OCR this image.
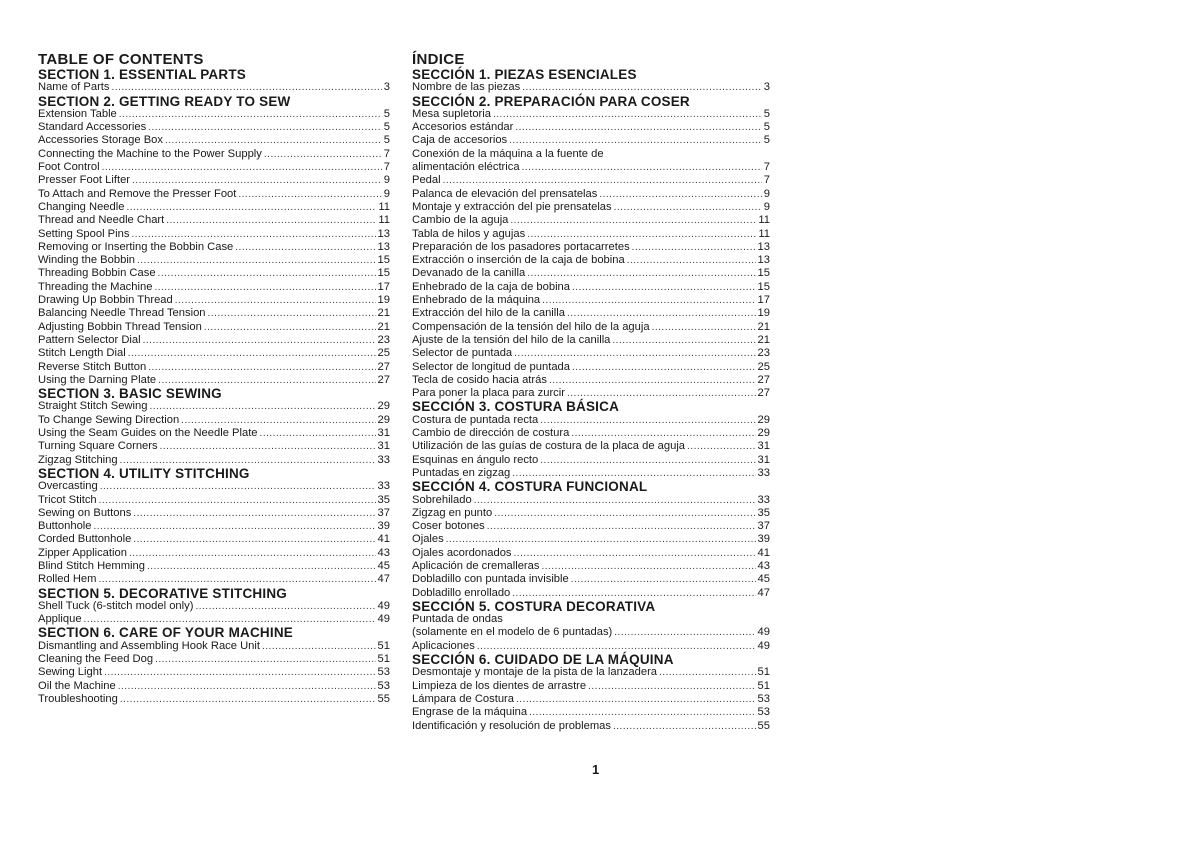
TABLE OF CONTENTS
SECTION 1. ESSENTIAL PARTS
Name of Parts .....	3
SECTION 2. GETTING READY TO SEW
Extension Table .....	5
Standard Accessories .....	5
Accessories Storage Box .....	5
Connecting the Machine to the Power Supply .....	7
Foot Control .....	7
Presser Foot Lifter .....	9
To Attach and Remove the Presser Foot .....	9
Changing Needle .....	11
Thread and Needle Chart .....	11
Setting Spool Pins .....	13
Removing or Inserting the Bobbin Case .....	13
Winding the Bobbin .....	15
Threading Bobbin Case .....	15
Threading the Machine .....	17
Drawing Up Bobbin Thread .....	19
Balancing Needle Thread Tension .....	21
Adjusting Bobbin Thread Tension .....	21
Pattern Selector Dial .....	23
Stitch Length Dial .....	25
Reverse Stitch Button .....	27
Using the Darning Plate .....	27
SECTION 3. BASIC SEWING
Straight Stitch Sewing .....	29
To Change Sewing Direction .....	29
Using the Seam Guides on the Needle Plate .....	31
Turning Square Corners .....	31
Zigzag Stitching .....	33
SECTION 4. UTILITY STITCHING
Overcasting .....	33
Tricot Stitch .....	35
Sewing on Buttons .....	37
Buttonhole .....	39
Corded Buttonhole .....	41
Zipper Application .....	43
Blind Stitch Hemming .....	45
Rolled Hem .....	47
SECTION 5. DECORATIVE STITCHING
Shell Tuck (6-stitch model only) .....	49
Applique .....	49
SECTION 6. CARE OF YOUR MACHINE
Dismantling and Assembling Hook Race Unit .....	51
Cleaning the Feed Dog .....	51
Sewing Light .....	53
Oil the Machine .....	53
Troubleshooting .....	55
ÍNDICE
SECCIÓN 1. PIEZAS ESENCIALES
Nombre de las piezas .....	3
SECCIÓN 2. PREPARACIÓN PARA COSER
Mesa supletoria .....	5
Accesorios estándar .....	5
Caja de accesorios .....	5
Conexión de la máquina a la fuente de
alimentación eléctrica .....	7
Pedal .....	7
Palanca de elevación del prensatelas .....	9
Montaje y extracción del pie prensatelas .....	9
Cambio de la aguja .....	11
Tabla de hilos y agujas .....	11
Preparación de los pasadores portacarretes .....	13
Extracción o inserción de la caja de bobina .....	13
Devanado de la canilla .....	15
Enhebrado de la caja de bobina .....	15
Enhebrado de la máquina .....	17
Extracción del hilo de la canilla .....	19
Compensación de la tensión del hilo de la aguja .....	21
Ajuste de la tensión del hilo de la canilla .....	21
Selector de puntada .....	23
Selector de longitud de puntada .....	25
Tecla de cosido hacia atrás .....	27
Para poner la placa para zurcir .....	27
SECCIÓN 3. COSTURA BÁSICA
Costura de puntada recta .....	29
Cambio de dirección de costura .....	29
Utilización de las guías de costura de la placa de aguja .....	31
Esquinas en ángulo recto .....	31
Puntadas en zigzag .....	33
SECCIÓN 4. COSTURA FUNCIONAL
Sobrehilado .....	33
Zigzag en punto .....	35
Coser botones .....	37
Ojales .....	39
Ojales acordonados .....	41
Aplicación de cremalleras .....	43
Dobladillo con puntada invisible .....	45
Dobladillo enrollado .....	47
SECCIÓN 5. COSTURA DECORATIVA
Puntada de ondas
(solamente en el modelo de 6 puntadas) .....	49
Aplicaciones .....	49
SECCIÓN 6. CUIDADO DE LA MÁQUINA
Desmontaje y montaje de la pista de la lanzadera .....	51
Limpieza de los dientes de arrastre .....	51
Lámpara de Costura .....	53
Engrase de la máquina .....	53
Identificación y resolución de problemas .....	55
1
